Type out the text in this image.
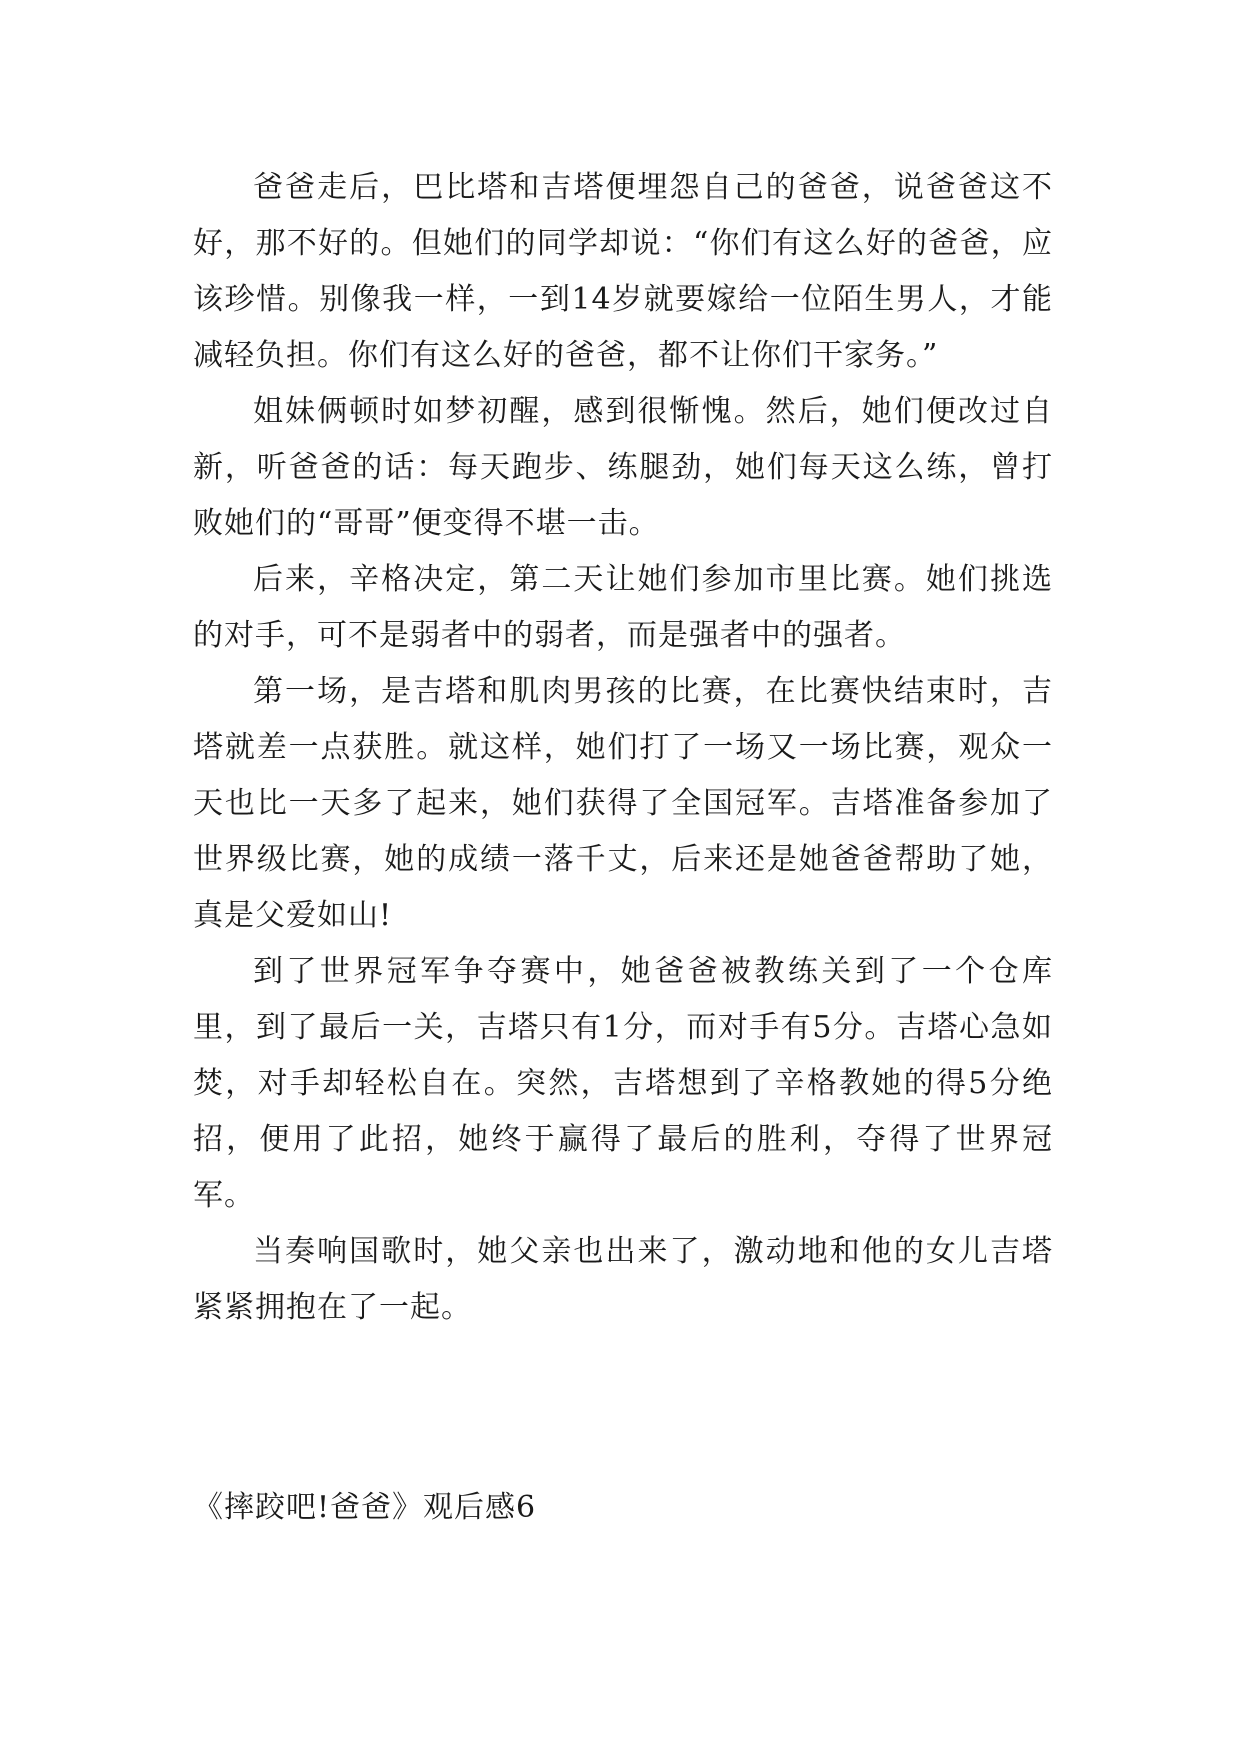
爸爸走后，巴比塔和吉塔便埋怨自己的爸爸，说爸爸这不好，那不好的。但她们的同学却说：“你们有这么好的爸爸，应该珍惜。别像我一样，一到14岁就要嫁给一位陌生男人，才能减轻负担。你们有这么好的爸爸，都不让你们干家务。”

姐妹俩顿时如梦初醒，感到很惭愧。然后，她们便改过自新，听爸爸的话：每天跑步、练腿劲，她们每天这么练，曾打败她们的“哥哥”便变得不堪一击。

后来，辛格决定，第二天让她们参加市里比赛。她们挑选的对手，可不是弱者中的弱者，而是强者中的强者。

第一场，是吉塔和肌肉男孩的比赛，在比赛快结束时，吉塔就差一点获胜。就这样，她们打了一场又一场比赛，观众一天也比一天多了起来，她们获得了全国冠军。吉塔准备参加了世界级比赛，她的成绩一落千丈，后来还是她爸爸帮助了她，真是父爱如山!

到了世界冠军争夺赛中，她爸爸被教练关到了一个仓库里，到了最后一关，吉塔只有1分，而对手有5分。吉塔心急如焚，对手却轻松自在。突然，吉塔想到了辛格教她的得5分绝招，便用了此招，她终于赢得了最后的胜利，夺得了世界冠军。

当奏响国歌时，她父亲也出来了，激动地和他的女儿吉塔紧紧拥抱在了一起。

《摔跤吧!爸爸》观后感6
